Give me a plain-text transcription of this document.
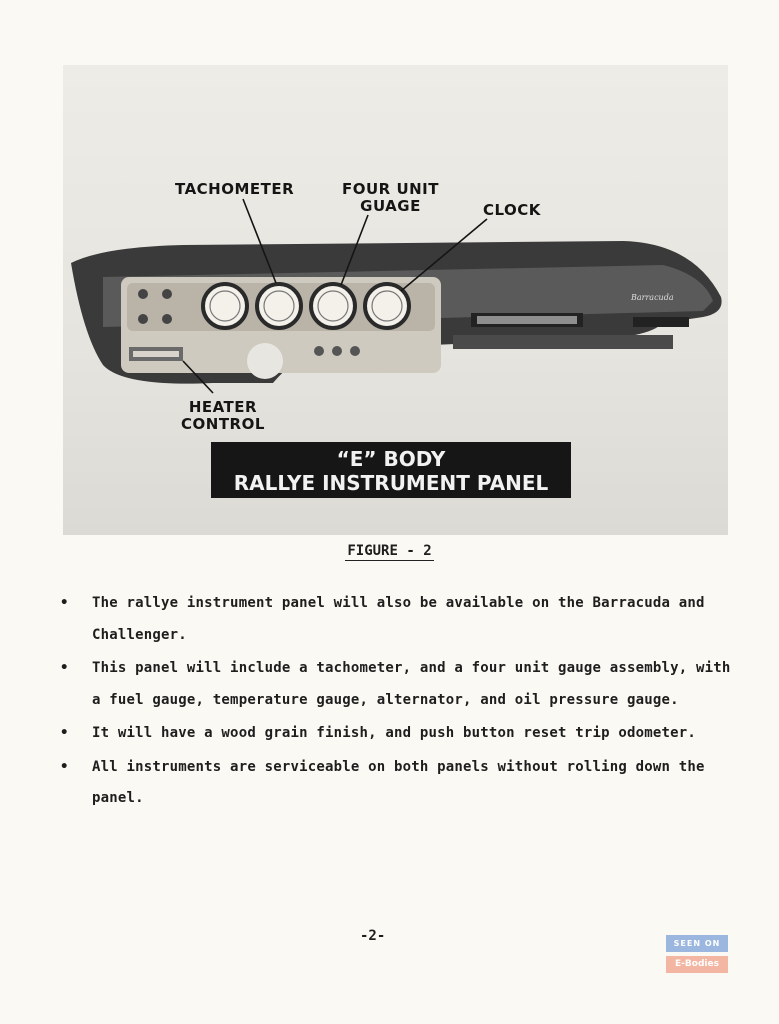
TACHOMETER	FOUR UNIT
GUAGE	CLOCK
HEATER
CONTROL
Barracuda
“E” BODY
RALLYE INSTRUMENT PANEL
FIGURE - 2
• The rallye instrument panel will also be available on the Barracuda and Challenger.
• This panel will include a tachometer, and a four unit gauge assembly, with a fuel gauge, temperature gauge, alternator, and oil pressure gauge.
• It will have a wood grain finish, and push button reset trip odometer.
• All instruments are serviceable on both panels without rolling down the panel.
-2-	SEEN ON
E-Bodies
